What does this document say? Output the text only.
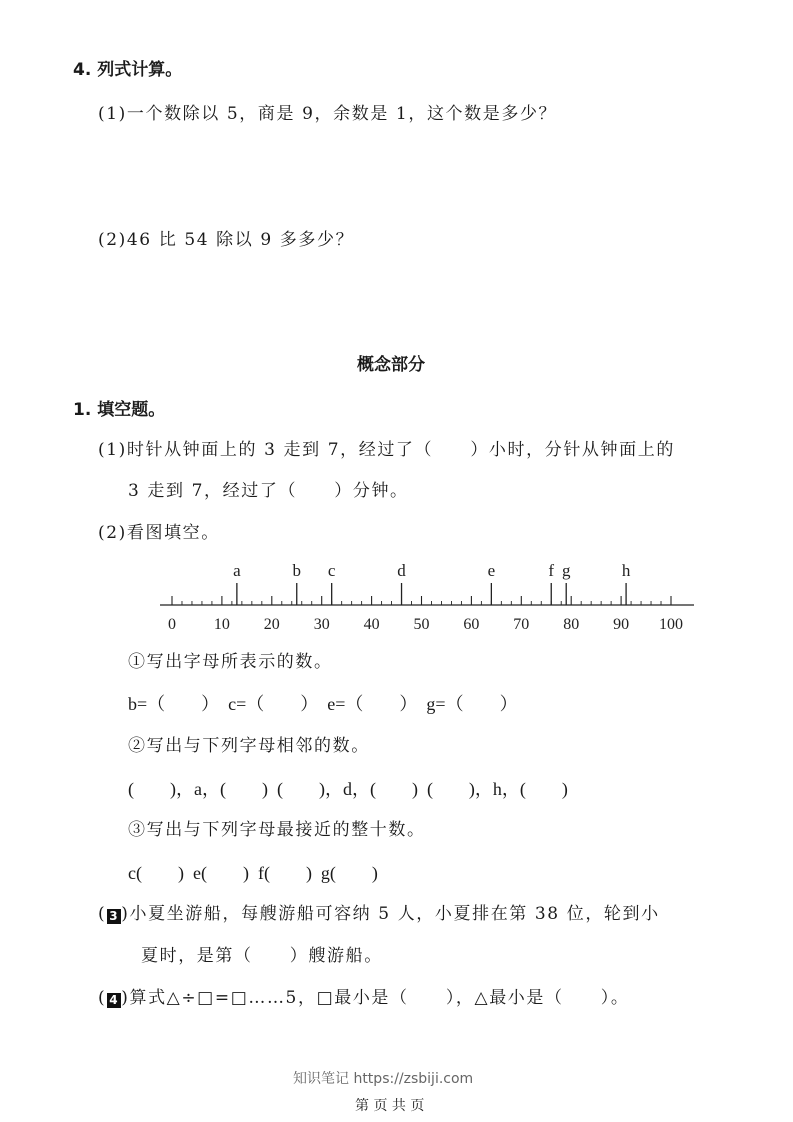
4. 列式计算。
(1)一个数除以 5，商是 9，余数是 1，这个数是多少？
(2)46 比 54 除以 9 多多少？
概念部分
1. 填空题。
(1)时针从钟面上的 3 走到 7，经过了（　　）小时，分针从钟面上的
3 走到 7，经过了（　　）分钟。
(2)看图填空。
a	b c	d	e	f g	h
0 10 20 30 40 50 60 70 80 90 100
①写出字母所表示的数。
b=（　　）  c=（　　）  e=（　　）  g=（　　）
②写出与下列字母相邻的数。
(　　)，a，(　　)  (　　)，d，(　　)  (　　)，h，(　　)
③写出与下列字母最接近的整十数。
c(　　)  e(　　)  f(　　)  g(　　)
( 3 )小夏坐游船，每艘游船可容纳 5 人，小夏排在第 38 位，轮到小
夏时，是第（　　）艘游船。
( 4 )算式△÷□=□……5，□最小是（　　），△最小是（　　）。
知识笔记 https://zsbiji.com
第 页 共 页
